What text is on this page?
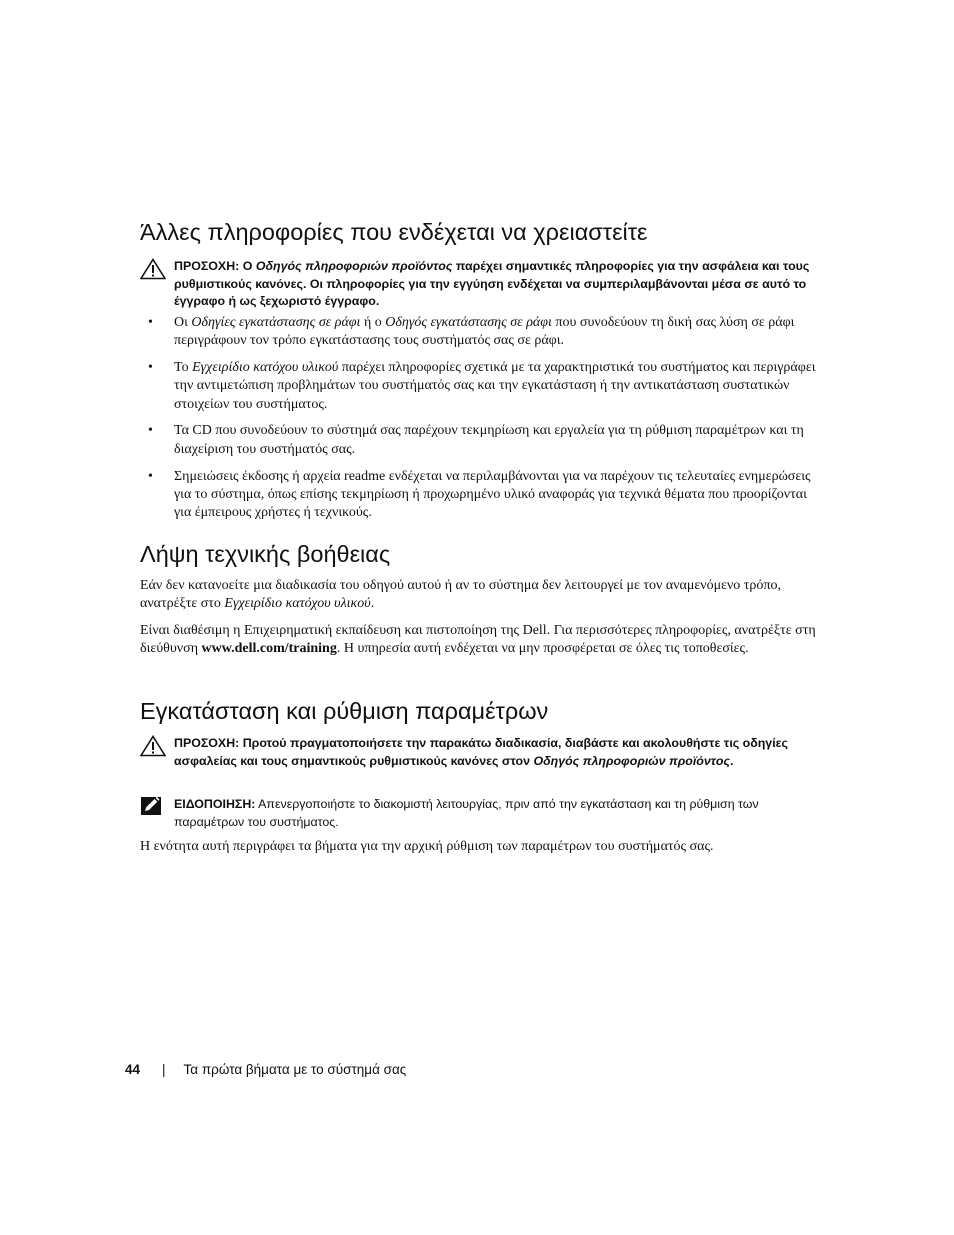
Άλλες πληροφορίες που ενδέχεται να χρειαστείτε
ΠΡΟΣΟΧΗ: Ο Οδηγός πληροφοριών προϊόντος παρέχει σημαντικές πληροφορίες για την ασφάλεια και τους ρυθμιστικούς κανόνες. Οι πληροφορίες για την εγγύηση ενδέχεται να συμπεριλαμβάνονται μέσα σε αυτό το έγγραφο ή ως ξεχωριστό έγγραφο.
• Οι Οδηγίες εγκατάστασης σε ράφι ή ο Οδηγός εγκατάστασης σε ράφι που συνοδεύουν τη δική σας λύση σε ράφι περιγράφουν τον τρόπο εγκατάστασης τους συστήματός σας σε ράφι.
• Το Εγχειρίδιο κατόχου υλικού παρέχει πληροφορίες σχετικά με τα χαρακτηριστικά του συστήματος και περιγράφει την αντιμετώπιση προβλημάτων του συστήματός σας και την εγκατάσταση ή την αντικατάσταση συστατικών στοιχείων του συστήματος.
• Τα CD που συνοδεύουν το σύστημά σας παρέχουν τεκμηρίωση και εργαλεία για τη ρύθμιση παραμέτρων και τη διαχείριση του συστήματός σας.
• Σημειώσεις έκδοσης ή αρχεία readme ενδέχεται να περιλαμβάνονται για να παρέχουν τις τελευταίες ενημερώσεις για το σύστημα, όπως επίσης τεκμηρίωση ή προχωρημένο υλικό αναφοράς για τεχνικά θέματα που προορίζονται για έμπειρους χρήστες ή τεχνικούς.
Λήψη τεχνικής βοήθειας

Εάν δεν κατανοείτε μια διαδικασία του οδηγού αυτού ή αν το σύστημα δεν λειτουργεί με τον αναμενόμενο τρόπο, ανατρέξτε στο Εγχειρίδιο κατόχου υλικού.

Είναι διαθέσιμη η Επιχειρηματική εκπαίδευση και πιστοποίηση της Dell. Για περισσότερες πληροφορίες, ανατρέξτε στη διεύθυνση www.dell.com/training. Η υπηρεσία αυτή ενδέχεται να μην προσφέρεται σε όλες τις τοποθεσίες.

Εγκατάσταση και ρύθμιση παραμέτρων
ΠΡΟΣΟΧΗ: Προτού πραγματοποιήσετε την παρακάτω διαδικασία, διαβάστε και ακολουθήστε τις οδηγίες ασφαλείας και τους σημαντικούς ρυθμιστικούς κανόνες στον Οδηγός πληροφοριών προϊόντος.
ΕΙΔΟΠΟΙΗΣΗ: Απενεργοποιήστε το διακομιστή λειτουργίας, πριν από την εγκατάσταση και τη ρύθμιση των παραμέτρων του συστήματος.

Η ενότητα αυτή περιγράφει τα βήματα για την αρχική ρύθμιση των παραμέτρων του συστήματός σας.

44 | Τα πρώτα βήματα με το σύστημά σας
